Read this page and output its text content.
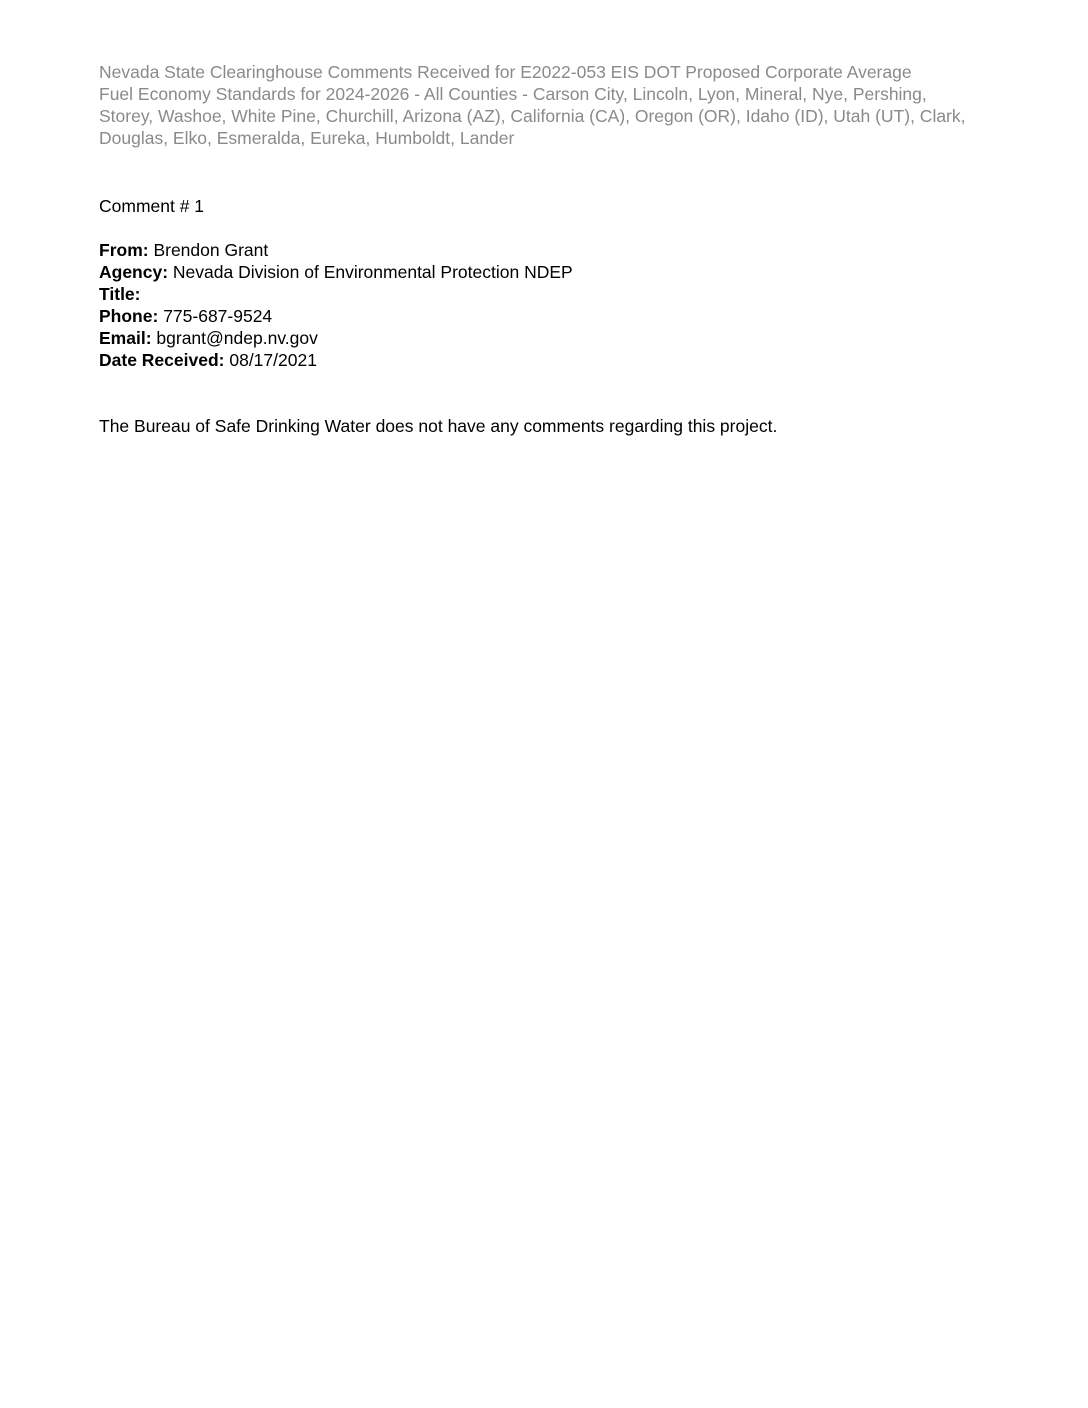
Nevada State Clearinghouse Comments Received for E2022-053 EIS DOT Proposed Corporate Average
Fuel Economy Standards for 2024-2026 - All Counties - Carson City, Lincoln, Lyon, Mineral, Nye, Pershing,
Storey, Washoe, White Pine, Churchill, Arizona (AZ), California (CA), Oregon (OR), Idaho (ID), Utah (UT), Clark,
Douglas, Elko, Esmeralda, Eureka, Humboldt, Lander
Comment # 1
From: Brendon Grant
Agency: Nevada Division of Environmental Protection NDEP
Title:
Phone: 775-687-9524
Email: bgrant@ndep.nv.gov
Date Received: 08/17/2021
The Bureau of Safe Drinking Water does not have any comments regarding this project.
